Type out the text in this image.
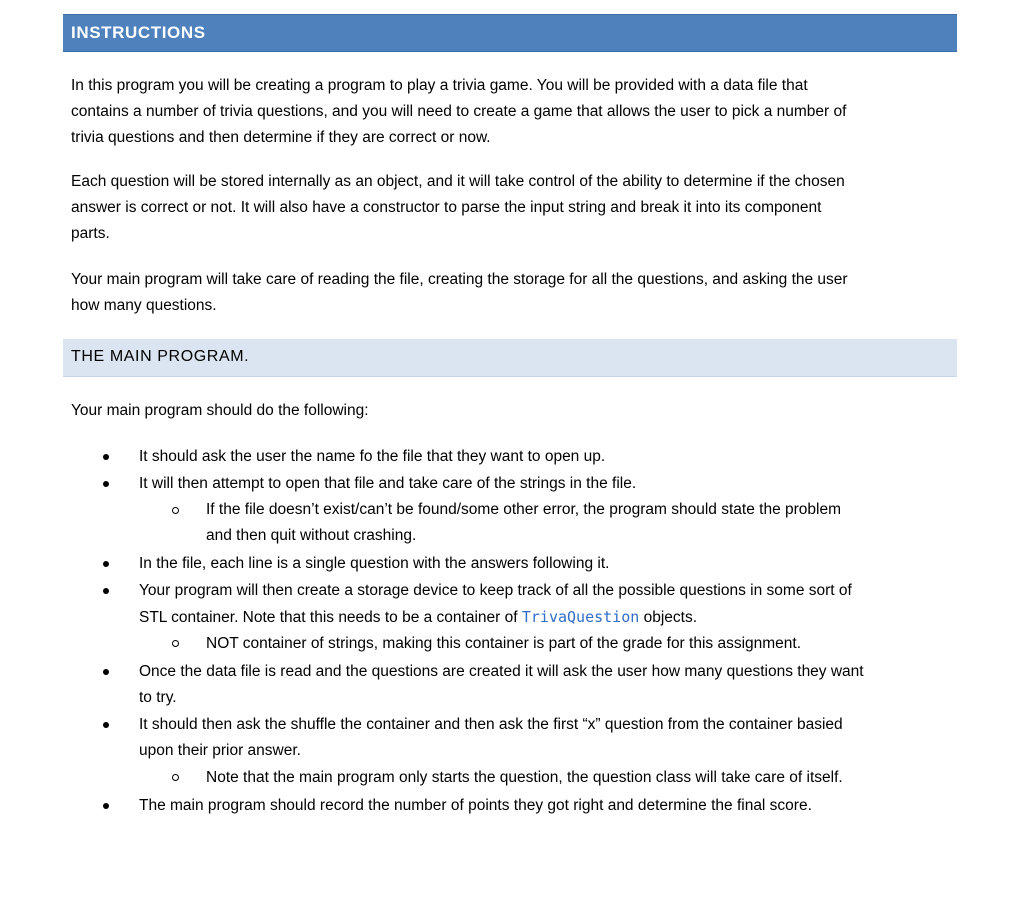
INSTRUCTIONS

In this program you will be creating a program to play a trivia game. You will be provided with a data file that
contains a number of trivia questions, and you will need to create a game that allows the user to pick a number of
trivia questions and then determine if they are correct or now.

Each question will be stored internally as an object, and it will take control of the ability to determine if the chosen
answer is correct or not. It will also have a constructor to parse the input string and break it into its component
parts.

Your main program will take care of reading the file, creating the storage for all the questions, and asking the user
how many questions.

THE MAIN PROGRAM.

Your main program should do the following:

It should ask the user the name fo the file that they want to open up.
It will then attempt to open that file and take care of the strings in the file.
If the file doesn’t exist/can’t be found/some other error, the program should state the problem
and then quit without crashing.
In the file, each line is a single question with the answers following it.
Your program will then create a storage device to keep track of all the possible questions in some sort of
STL container. Note that this needs to be a container of TrivaQuestion objects.
NOT container of strings, making this container is part of the grade for this assignment.
Once the data file is read and the questions are created it will ask the user how many questions they want
to try.
It should then ask the shuffle the container and then ask the first “x” question from the container basied
upon their prior answer.
Note that the main program only starts the question, the question class will take care of itself.
The main program should record the number of points they got right and determine the final score.
